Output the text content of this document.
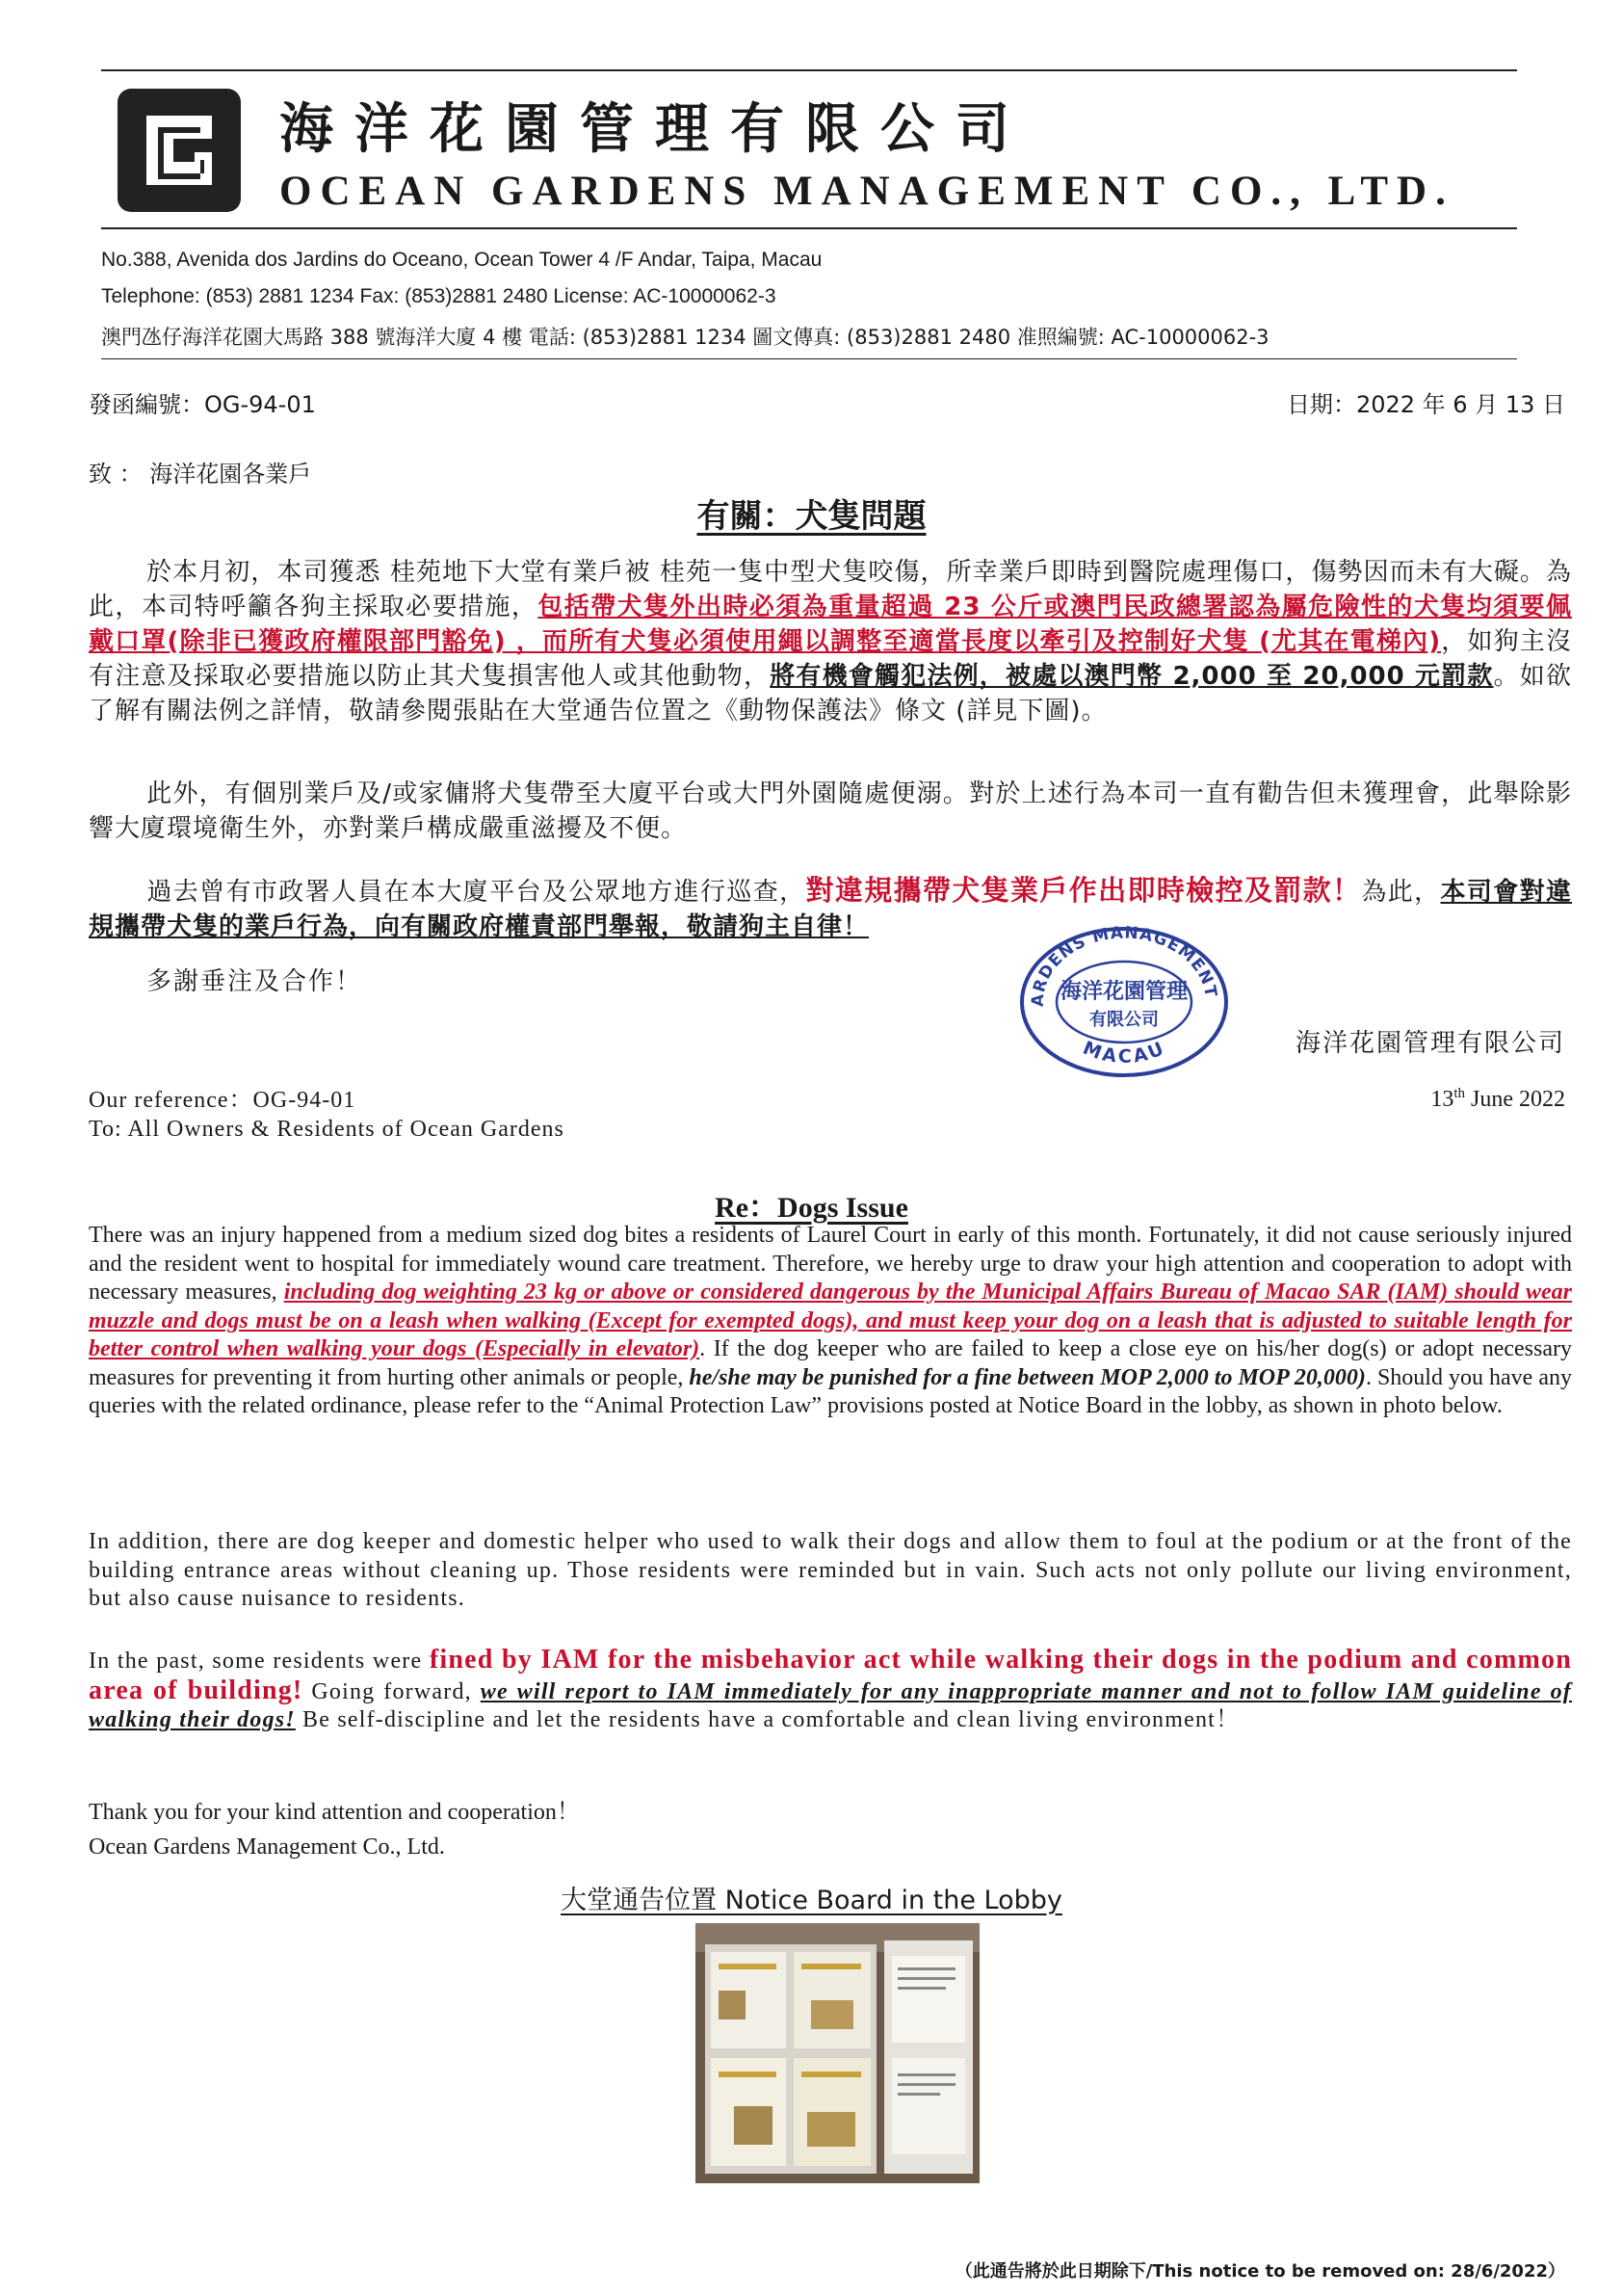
海洋花園管理有限公司
OCEAN GARDENS MANAGEMENT CO., LTD.
No.388, Avenida dos Jardins do Oceano, Ocean Tower 4 /F Andar, Taipa, Macau
Telephone: (853) 2881 1234 Fax: (853)2881 2480 License: AC-10000062-3
澳門氹仔海洋花園大馬路 388 號海洋大廈 4 樓 電話: (853)2881 1234 圖文傳真: (853)2881 2480 准照編號: AC-10000062-3
發函編號：OG-94-01	日期：2022 年 6 月 13 日
致 ： 海洋花園各業戶
有關：犬隻問題
於本月初，本司獲悉 桂苑地下大堂有業戶被 桂苑一隻中型犬隻咬傷，所幸業戶即時到醫院處理傷口，傷勢因而未有大礙。為此，本司特呼籲各狗主採取必要措施，包括帶犬隻外出時必須為重量超過 23 公斤或澳門民政總署認為屬危險性的犬隻均須要佩戴口罩(除非已獲政府權限部門豁免) ，而所有犬隻必須使用繩以調整至適當長度以牽引及控制好犬隻 (尤其在電梯內)，如狗主沒有注意及採取必要措施以防止其犬隻損害他人或其他動物，將有機會觸犯法例，被處以澳門幣 2,000 至 20,000 元罰款。如欲了解有關法例之詳情，敬請參閱張貼在大堂通告位置之《動物保護法》條文 (詳見下圖)。
此外，有個別業戶及/或家傭將犬隻帶至大廈平台或大門外園隨處便溺。對於上述行為本司一直有勸告但未獲理會，此舉除影響大廈環境衛生外，亦對業戶構成嚴重滋擾及不便。
過去曾有市政署人員在本大廈平台及公眾地方進行巡查，對違規攜帶犬隻業戶作出即時檢控及罰款！為此，本司會對違規攜帶犬隻的業戶行為，向有關政府權責部門舉報，敬請狗主自律！
多謝垂注及合作！
ARDENS MANAGEMENT
MACAU
海洋花園管理
有限公司
海洋花園管理有限公司
Our reference：OG-94-01
To: All Owners & Residents of Ocean Gardens
13th June 2022
Re：Dogs Issue
There was an injury happened from a medium sized dog bites a residents of Laurel Court in early of this month. Fortunately, it did not cause seriously injured and the resident went to hospital for immediately wound care treatment. Therefore, we hereby urge to draw your high attention and cooperation to adopt with necessary measures, including dog weighting 23 kg or above or considered dangerous by the Municipal Affairs Bureau of Macao SAR (IAM) should wear muzzle and dogs must be on a leash when walking (Except for exempted dogs), and must keep your dog on a leash that is adjusted to suitable length for better control when walking your dogs (Especially in elevator). If the dog keeper who are failed to keep a close eye on his/her dog(s) or adopt necessary measures for preventing it from hurting other animals or people, he/she may be punished for a fine between MOP 2,000 to MOP 20,000). Should you have any queries with the related ordinance, please refer to the “Animal Protection Law” provisions posted at Notice Board in the lobby, as shown in photo below.
In addition, there are dog keeper and domestic helper who used to walk their dogs and allow them to foul at the podium or at the front of the building entrance areas without cleaning up. Those residents were reminded but in vain. Such acts not only pollute our living environment, but also cause nuisance to residents.
In the past, some residents were fined by IAM for the misbehavior act while walking their dogs in the podium and common area of building! Going forward, we will report to IAM immediately for any inappropriate manner and not to follow IAM guideline of walking their dogs! Be self-discipline and let the residents have a comfortable and clean living environment！
Thank you for your kind attention and cooperation！
Ocean Gardens Management Co., Ltd.
大堂通告位置 Notice Board in the Lobby
（此通告將於此日期除下/This notice to be removed on: 28/6/2022）
